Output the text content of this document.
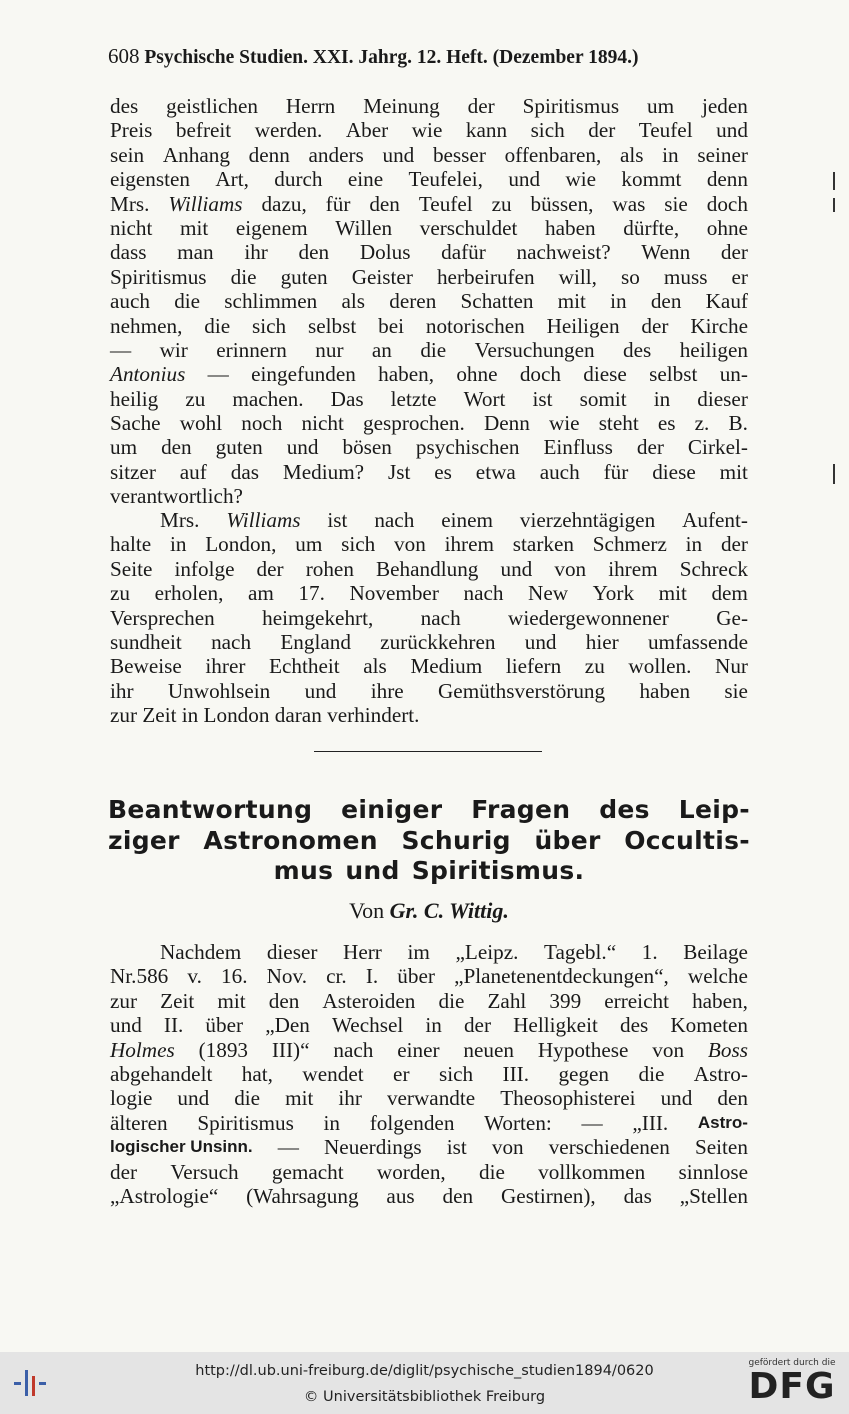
608 Psychische Studien. XXI. Jahrg. 12. Heft. (Dezember 1894.)
des geistlichen Herrn Meinung der Spiritismus um jeden
Preis befreit werden. Aber wie kann sich der Teufel und
sein Anhang denn anders und besser offenbaren, als in seiner
eigensten Art, durch eine Teufelei, und wie kommt denn
Mrs. Williams dazu, für den Teufel zu büssen, was sie doch
nicht mit eigenem Willen verschuldet haben dürfte, ohne
dass man ihr den Dolus dafür nachweist? Wenn der
Spiritismus die guten Geister herbeirufen will, so muss er
auch die schlimmen als deren Schatten mit in den Kauf
nehmen, die sich selbst bei notorischen Heiligen der Kirche
— wir erinnern nur an die Versuchungen des heiligen
Antonius — eingefunden haben, ohne doch diese selbst un-
heilig zu machen. Das letzte Wort ist somit in dieser
Sache wohl noch nicht gesprochen. Denn wie steht es z. B.
um den guten und bösen psychischen Einfluss der Cirkel-
sitzer auf das Medium? Jst es etwa auch für diese mit
verantwortlich?
Mrs. Williams ist nach einem vierzehntägigen Aufent-
halte in London, um sich von ihrem starken Schmerz in der
Seite infolge der rohen Behandlung und von ihrem Schreck
zu erholen, am 17. November nach New York mit dem
Versprechen heimgekehrt, nach wiedergewonnener Ge-
sundheit nach England zurückkehren und hier umfassende
Beweise ihrer Echtheit als Medium liefern zu wollen. Nur
ihr Unwohlsein und ihre Gemüthsverstörung haben sie
zur Zeit in London daran verhindert.
Beantwortung einiger Fragen des Leip-
ziger Astronomen Schurig über Occultis-
mus und Spiritismus.
Von Gr. C. Wittig.
Nachdem dieser Herr im „Leipz. Tagebl.“ 1. Beilage
Nr.586 v. 16. Nov. cr. I. über „Planetenentdeckungen“, welche
zur Zeit mit den Asteroiden die Zahl 399 erreicht haben,
und II. über „Den Wechsel in der Helligkeit des Kometen
Holmes (1893 III)“ nach einer neuen Hypothese von Boss
abgehandelt hat, wendet er sich III. gegen die Astro-
logie und die mit ihr verwandte Theosophisterei und den
älteren Spiritismus in folgenden Worten: — „III. Astro-
logischer Unsinn. — Neuerdings ist von verschiedenen Seiten
der Versuch gemacht worden, die vollkommen sinnlose
„Astrologie“ (Wahrsagung aus den Gestirnen), das „Stellen
http://dl.ub.uni-freiburg.de/diglit/psychische_studien1894/0620
© Universitätsbibliothek Freiburg
gefördert durch die
DFG
